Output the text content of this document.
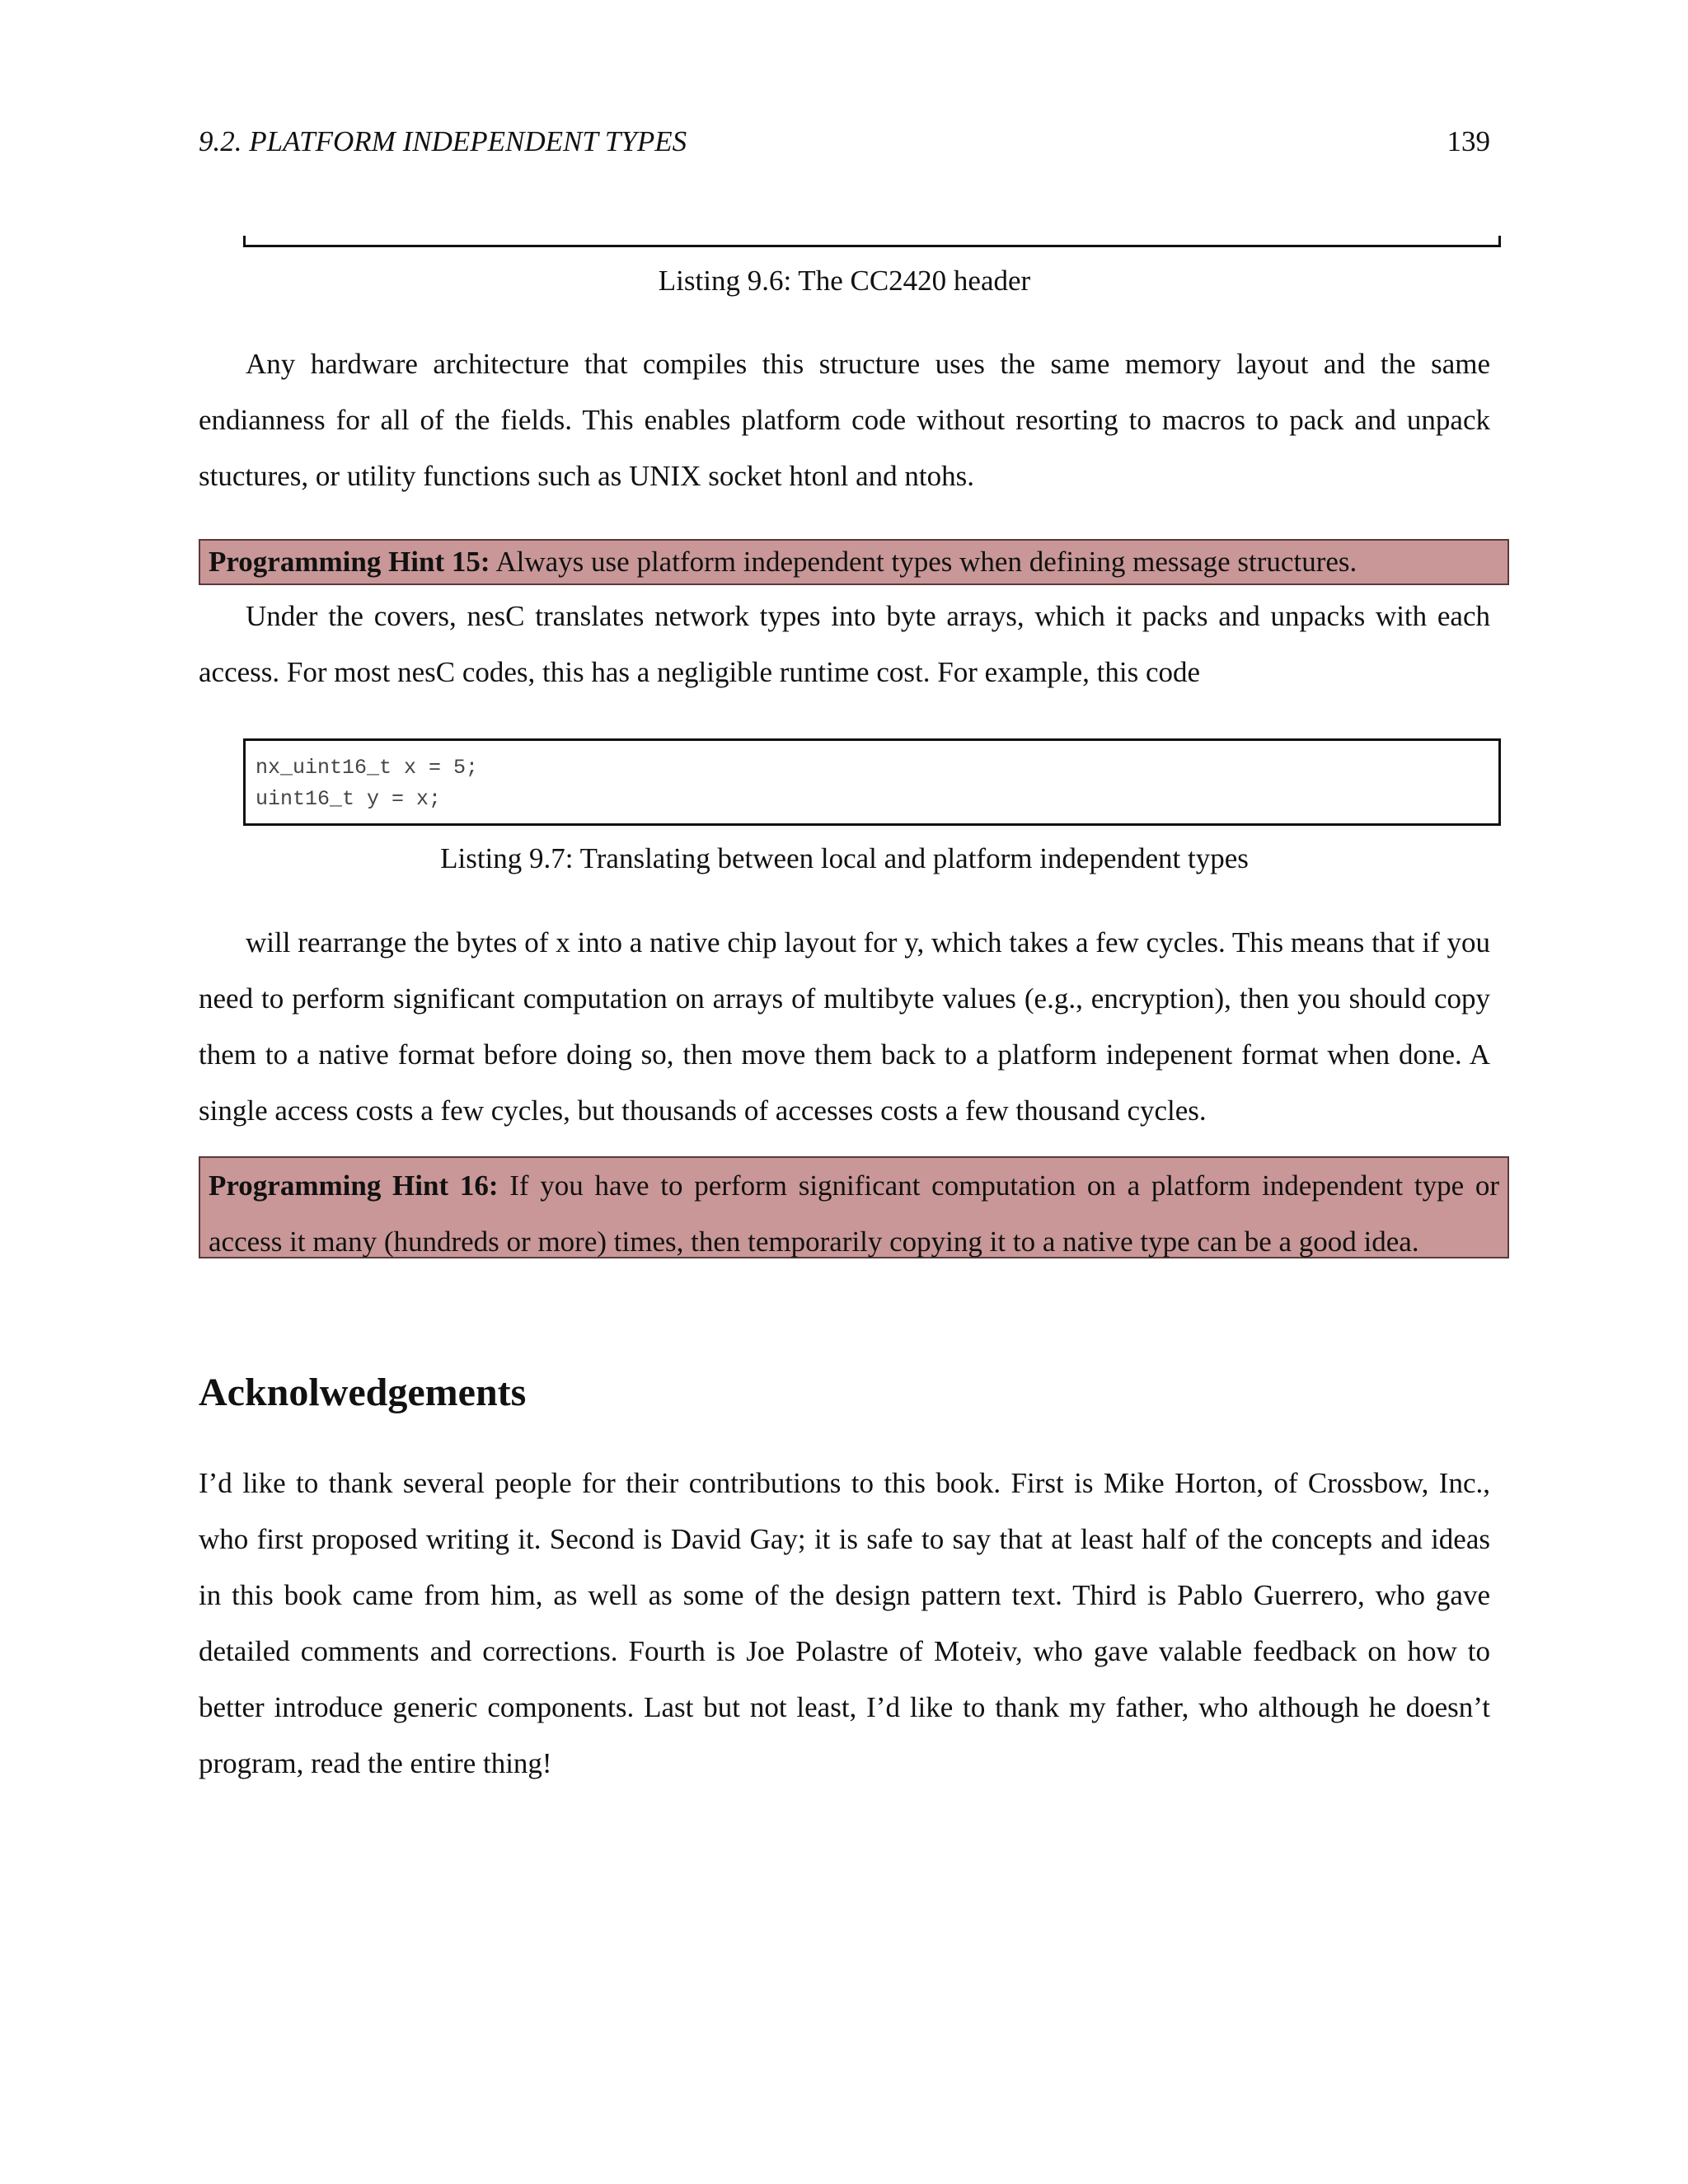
9.2. PLATFORM INDEPENDENT TYPES	139
Listing 9.6: The CC2420 header

Any hardware architecture that compiles this structure uses the same memory layout and the same endianness for all of the fields. This enables platform code without resorting to macros to pack and unpack stuctures, or utility functions such as UNIX socket htonl and ntohs.

Programming Hint 15: Always use platform independent types when defining message structures.

Under the covers, nesC translates network types into byte arrays, which it packs and unpacks with each access. For most nesC codes, this has a negligible runtime cost. For example, this code

nx_uint16_t x = 5;
uint16_t y = x;
Listing 9.7: Translating between local and platform independent types

will rearrange the bytes of x into a native chip layout for y, which takes a few cycles. This means that if you need to perform significant computation on arrays of multibyte values (e.g., encryption), then you should copy them to a native format before doing so, then move them back to a platform indepenent format when done. A single access costs a few cycles, but thousands of accesses costs a few thousand cycles.

Programming Hint 16: If you have to perform significant computation on a platform independent type or access it many (hundreds or more) times, then temporarily copying it to a native type can be a good idea.
Acknolwedgements

I’d like to thank several people for their contributions to this book. First is Mike Horton, of Crossbow, Inc., who first proposed writing it. Second is David Gay; it is safe to say that at least half of the concepts and ideas in this book came from him, as well as some of the design pattern text. Third is Pablo Guerrero, who gave detailed comments and corrections. Fourth is Joe Polastre of Moteiv, who gave valable feedback on how to better introduce generic components. Last but not least, I’d like to thank my father, who although he doesn’t program, read the entire thing!
